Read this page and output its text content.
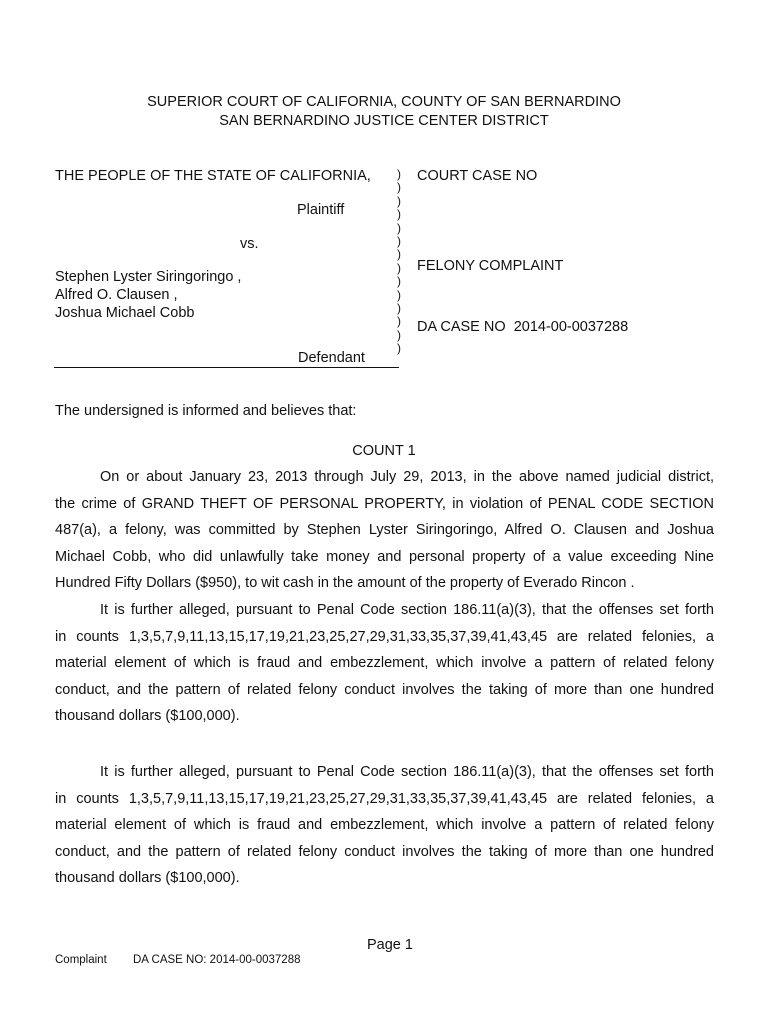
SUPERIOR COURT OF CALIFORNIA, COUNTY OF SAN BERNARDINO
SAN BERNARDINO JUSTICE CENTER DISTRICT
THE PEOPLE OF THE STATE OF CALIFORNIA,
Plaintiff
vs.
Stephen Lyster Siringoringo ,
Alfred O. Clausen ,
Joshua Michael Cobb
Defendant
)
)
)
)
)
)
)
)
)
)
)
)
)
)
COURT CASE NO
FELONY COMPLAINT
DA CASE NO  2014-00-0037288
The undersigned is informed and believes that:
COUNT 1
On or about January 23, 2013 through July 29, 2013, in the above named judicial district,
the crime of GRAND THEFT OF PERSONAL PROPERTY, in violation of PENAL CODE SECTION
487(a), a felony, was committed by Stephen Lyster Siringoringo, Alfred O. Clausen and Joshua
Michael Cobb, who did unlawfully take money and personal property of a value exceeding Nine
Hundred Fifty Dollars ($950), to wit cash in the amount of the property of Everado Rincon .
It is further alleged, pursuant to Penal Code section 186.11(a)(3), that the offenses set forth
in counts 1,3,5,7,9,11,13,15,17,19,21,23,25,27,29,31,33,35,37,39,41,43,45 are related felonies, a
material element of which is fraud and embezzlement, which involve a pattern of related felony
conduct, and the pattern of related felony conduct involves the taking of more than one hundred
thousand dollars ($100,000).
It is further alleged, pursuant to Penal Code section 186.11(a)(3), that the offenses set forth
in counts 1,3,5,7,9,11,13,15,17,19,21,23,25,27,29,31,33,35,37,39,41,43,45 are related felonies, a
material element of which is fraud and embezzlement, which involve a pattern of related felony
conduct, and the pattern of related felony conduct involves the taking of more than one hundred
thousand dollars ($100,000).
Page 1
Complaint DA CASE NO: 2014-00-0037288
